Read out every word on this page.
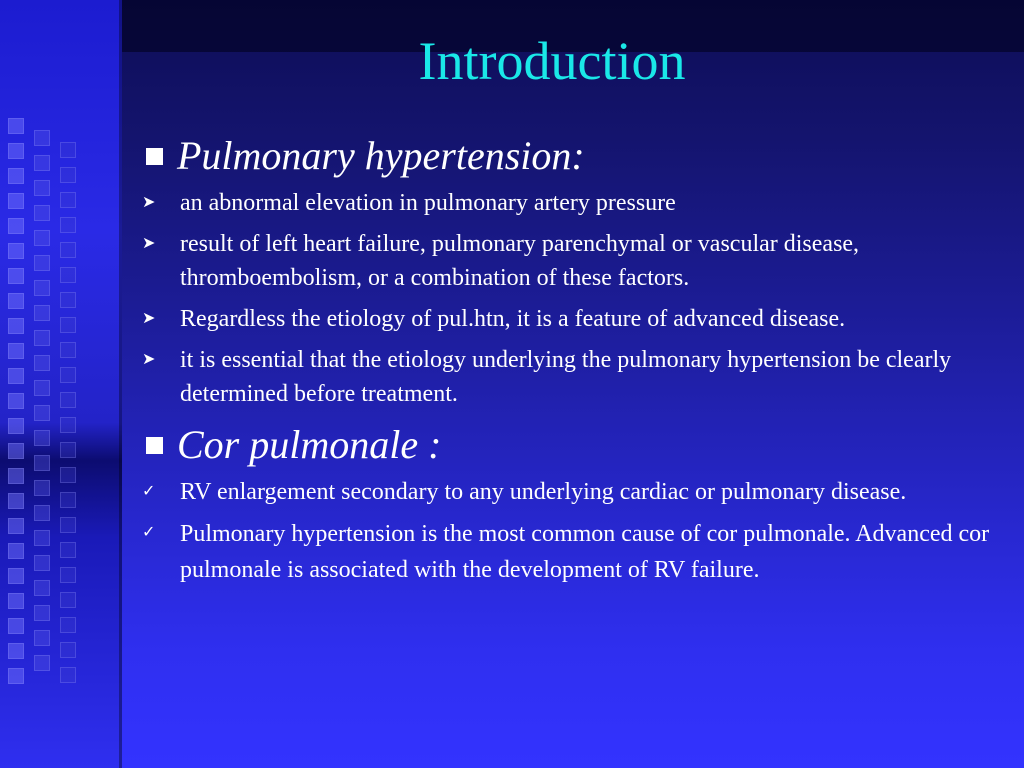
Introduction
Pulmonary hypertension:
➤	an abnormal elevation in pulmonary artery pressure
➤	result of left heart failure, pulmonary parenchymal or vascular disease, thromboembolism, or a combination of these factors.
➤	Regardless the etiology of pul.htn, it is a feature of advanced disease.
➤	it is essential that the etiology underlying the pulmonary hypertension be clearly determined before treatment.
Cor pulmonale :
✓	RV enlargement secondary to any underlying cardiac or pulmonary disease.
✓	Pulmonary hypertension is the most common cause of cor pulmonale. Advanced cor pulmonale is associated with the development of RV failure.
